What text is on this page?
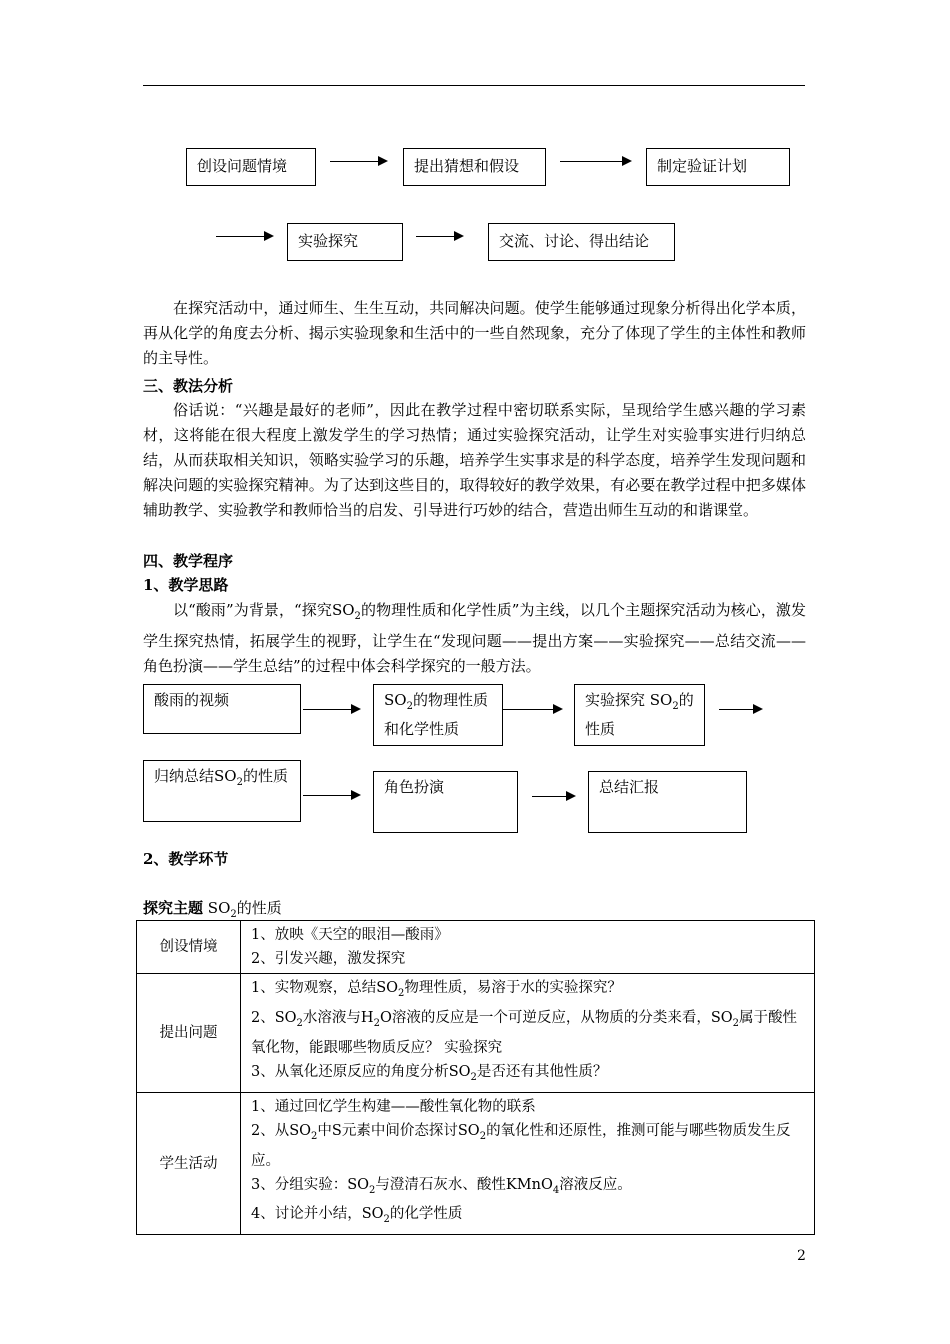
创设问题情境	提出猜想和假设	制定验证计划
实验探究	交流、讨论、得出结论
在探究活动中，通过师生、生生互动，共同解决问题。使学生能够通过现象分析得出化学本质，再从化学的角度去分析、揭示实验现象和生活中的一些自然现象，充分了体现了学生的主体性和教师的主导性。
三、教法分析
俗话说：“兴趣是最好的老师”，因此在教学过程中密切联系实际，呈现给学生感兴趣的学习素材，这将能在很大程度上激发学生的学习热情；通过实验探究活动，让学生对实验事实进行归纳总结，从而获取相关知识，领略实验学习的乐趣，培养学生实事求是的科学态度，培养学生发现问题和解决问题的实验探究精神。为了达到这些目的，取得较好的教学效果，有必要在教学过程中把多媒体辅助教学、实验教学和教师恰当的启发、引导进行巧妙的结合，营造出师生互动的和谐课堂。
四、教学程序
1、教学思路
以“酸雨”为背景，“探究$SO_2$的物理性质和化学性质”为主线，以几个主题探究活动为核心，激发学生探究热情，拓展学生的视野，让学生在“发现问题——提出方案——实验探究——总结交流——角色扮演——学生总结”的过程中体会科学探究的一般方法。
酸雨的视频	$SO_2$的物理性质和化学性质
实验探究 $SO_2$的性质
归纳总结$SO_2$的性质
角色扮演	总结汇报
2、教学环节
探究主题 $SO_2$的性质
创设情境	1、放映《天空的眼泪—酸雨》
2、引发兴趣，激发探究

提出问题	1、实物观察，总结$SO_2$物理性质，易溶于水的实验探究？
2、$SO_2$水溶液与$H_2O$溶液的反应是一个可逆反应，从物质的分类来看，$SO_2$属于酸性氧化物，能跟哪些物质反应？ 实验探究
3、从氧化还原反应的角度分析$SO_2$是否还有其他性质？

学生活动	1、通过回忆学生构建——酸性氧化物的联系
2、从$SO_2$中S元素中间价态探讨$SO_2$的氧化性和还原性，推测可能与哪些物质发生反应。
3、分组实验：$SO_2$与澄清石灰水、酸性KMnO$_4$溶液反应。
4、讨论并小结，$SO_2$的化学性质
2
